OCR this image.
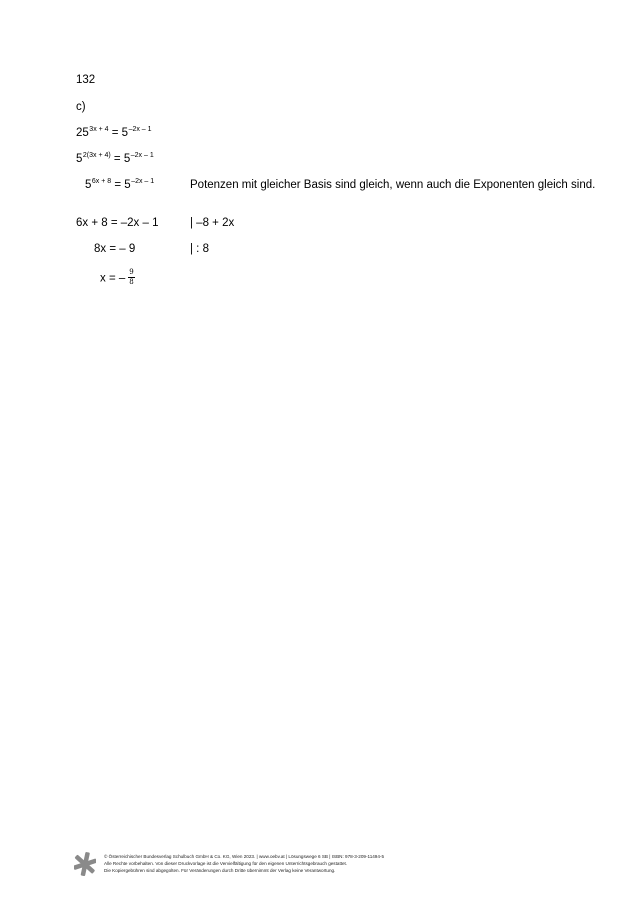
132
c)
$25^{3x + 4} = 5^{-2x - 1}$
$5^{2(3x + 4)} = 5^{-2x - 1}$
$5^{6x + 8} = 5^{-2x - 1}$	Potenzen mit gleicher Basis sind gleich, wenn auch die Exponenten gleich sind.
6x + 8 = –2x – 1	| –8 + 2x
8x = – 9	| : 8
x = – $\frac{9}{8}$
© Österreichischer Bundesverlag Schulbuch GmbH & Co. KG, Wien 2023. | www.oebv.at | Lösungswege 6 SB | ISBN: 978-3-209-11494-5
Alle Rechte vorbehalten. Von dieser Druckvorlage ist die Vervielfältigung für den eigenen Unterrichtsgebrauch gestattet.
Die Kopiergebühren sind abgegolten. Für Veränderungen durch Dritte übernimmt der Verlag keine Verantwortung.
